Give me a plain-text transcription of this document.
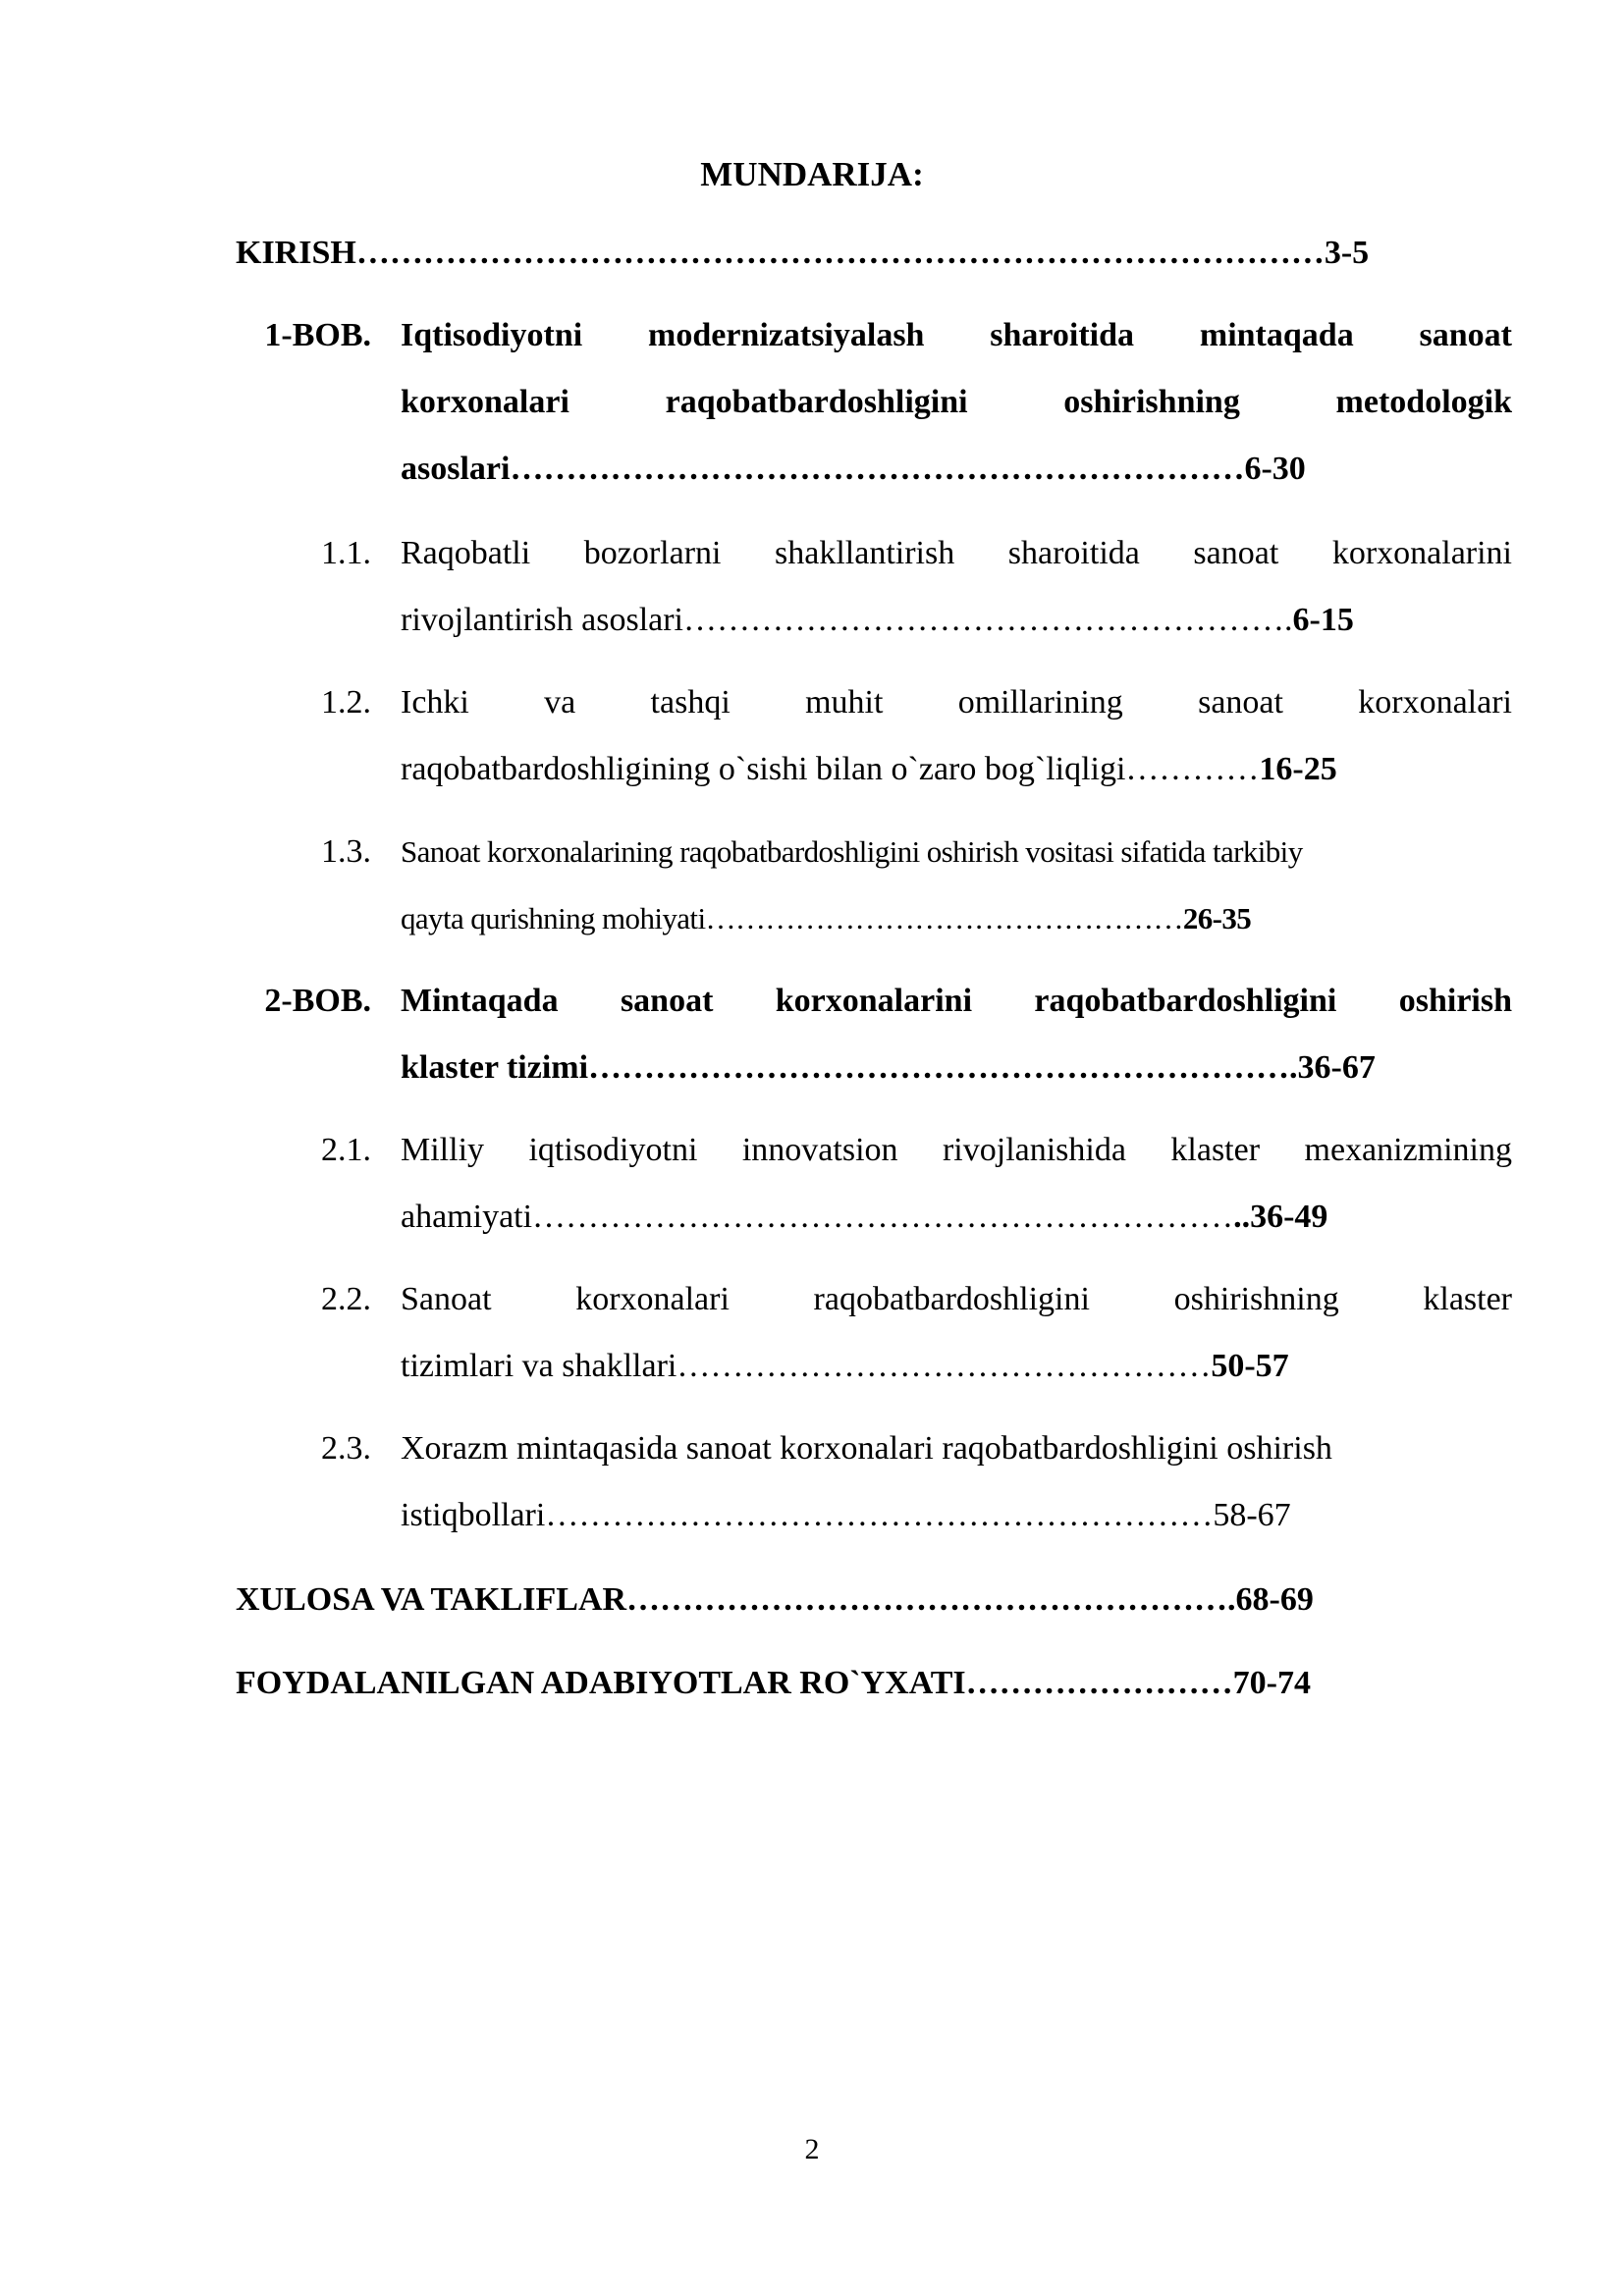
MUNDARIJA:
KIRISH……………………………………………………………………………3-5
1-BOB. Iqtisodiyotni modernizatsiyalash sharoitida mintaqada sanoat
korxonalari raqobatbardoshligini oshirishning metodologik
asoslari…………………………………………………………6-30
1.1. Raqobatli bozorlarni shakllantirish sharoitida sanoat korxonalarini
rivojlantirish asoslari……………………………………………….6-15
1.2. Ichki va tashqi muhit omillarining sanoat korxonalari
raqobatbardoshligining o`sishi bilan o`zaro bog`liqligi…………16-25
1.3. Sanoat korxonalarining raqobatbardoshligini oshirish vositasi sifatida tarkibiy
qayta qurishning mohiyati…………………………………………26-35
2-BOB. Mintaqada sanoat korxonalarini raqobatbardoshligini oshirish
klaster tizimi……………………………………………………….36-67
2.1. Milliy iqtisodiyotni innovatsion rivojlanishida klaster mexanizmining
ahamiyati………………………………………………………..36-49
2.2. Sanoat korxonalari raqobatbardoshligini oshirishning klaster
tizimlari va shakllari…………………………………………50-57
2.3. Xorazm mintaqasida sanoat korxonalari raqobatbardoshligini oshirish
istiqbollari……………………………………………………58-67
XULOSA VA TAKLIFLAR……………………………………………….68-69
FOYDALANILGAN ADABIYOTLAR RO`YXATI……………………70-74
2
